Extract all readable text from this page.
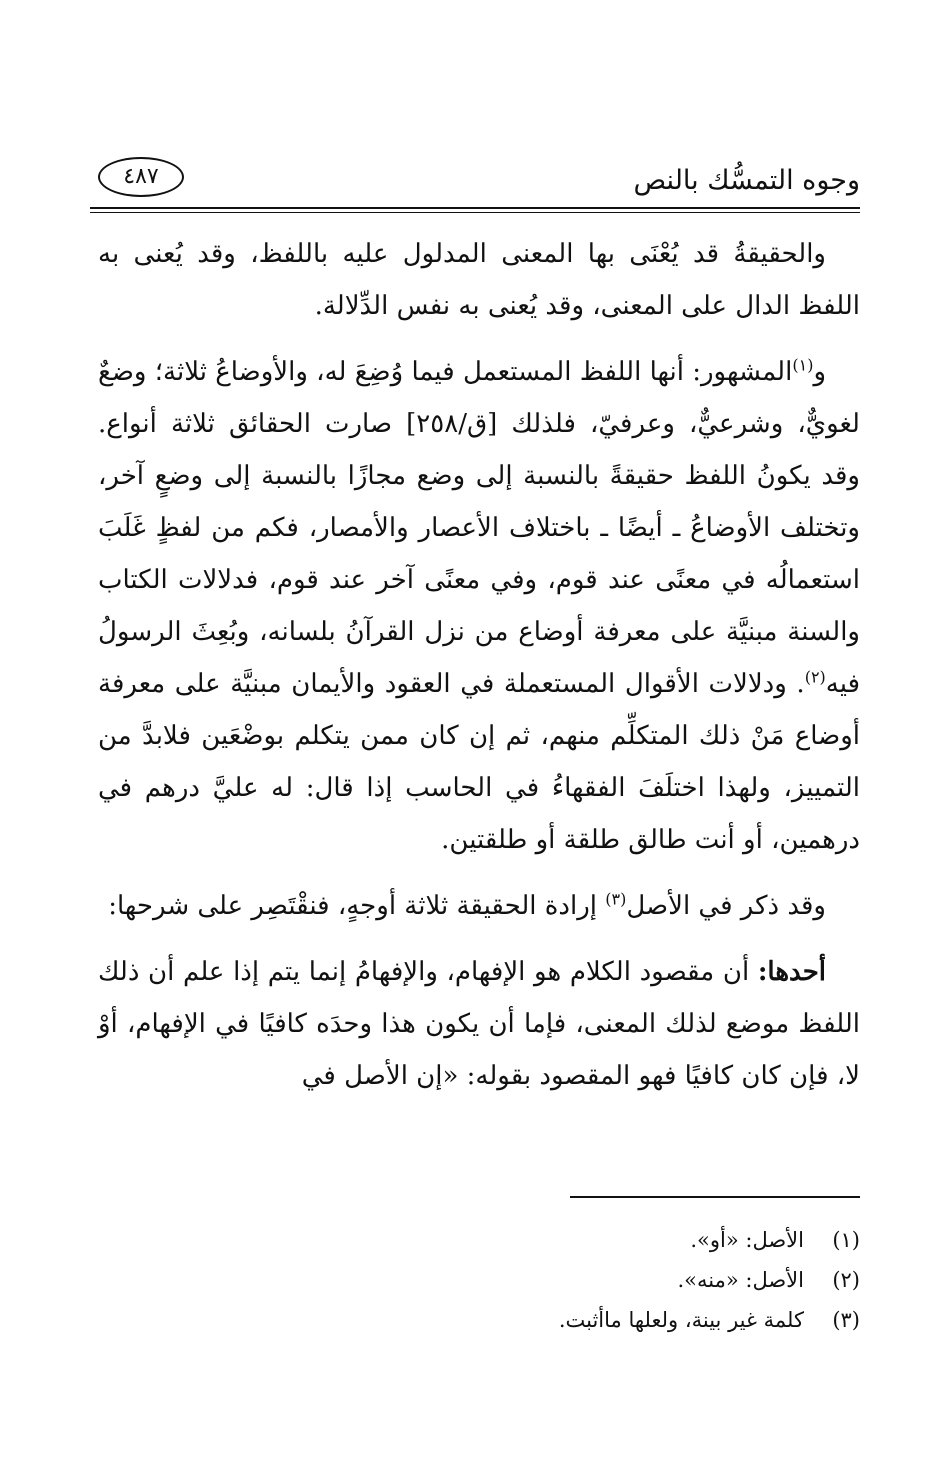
وجوه التمسُّك بالنص
٤٨٧

والحقيقةُ قد يُعْنَى بها المعنى المدلول عليه باللفظ، وقد يُعنى به اللفظ الدال على المعنى، وقد يُعنى به نفس الدِّلالة.

و$^{(١)}$المشهور: أنها اللفظ المستعمل فيما وُضِعَ له، والأوضاعُ ثلاثة؛ وضعٌ لغويٌّ، وشرعيٌّ، وعرفيّ، فلذلك [ق/٢٥٨] صارت الحقائق ثلاثة أنواع. وقد يكونُ اللفظ حقيقةً بالنسبة إلى وضع مجازًا بالنسبة إلى وضعٍ آخر، وتختلف الأوضاعُ ـ أيضًا ـ باختلاف الأعصار والأمصار، فكم من لفظٍ غَلَبَ استعمالُه في معنًى عند قوم، وفي معنًى آخر عند قوم، فدلالات الكتاب والسنة مبنيَّة على معرفة أوضاع من نزل القرآنُ بلسانه، وبُعِثَ الرسولُ فيه$^{(٢)}$. ودلالات الأقوال المستعملة في العقود والأيمان مبنيَّة على معرفة أوضاع مَنْ ذلك المتكلِّم منهم، ثم إن كان ممن يتكلم بوضْعَين فلابدَّ من التمييز، ولهذا اختلَفَ الفقهاءُ في الحاسب إذا قال: له عليَّ درهم في درهمين، أو أنت طالق طلقة أو طلقتين.

وقد ذكر في الأصل$^{(٣)}$ إرادة الحقيقة ثلاثة أوجهٍ، فنقْتَصِر على شرحها:

أحدها: أن مقصود الكلام هو الإفهام، والإفهامُ إنما يتم إذا علم أن ذلك اللفظ موضع لذلك المعنى، فإما أن يكون هذا وحدَه كافيًا في الإفهام، أوْ لا، فإن كان كافيًا فهو المقصود بقوله: «إن الأصل في

(١)
الأصل: «أو».
(٢)
الأصل: «منه».
(٣)
كلمة غير بينة، ولعلها ماأثبت.
